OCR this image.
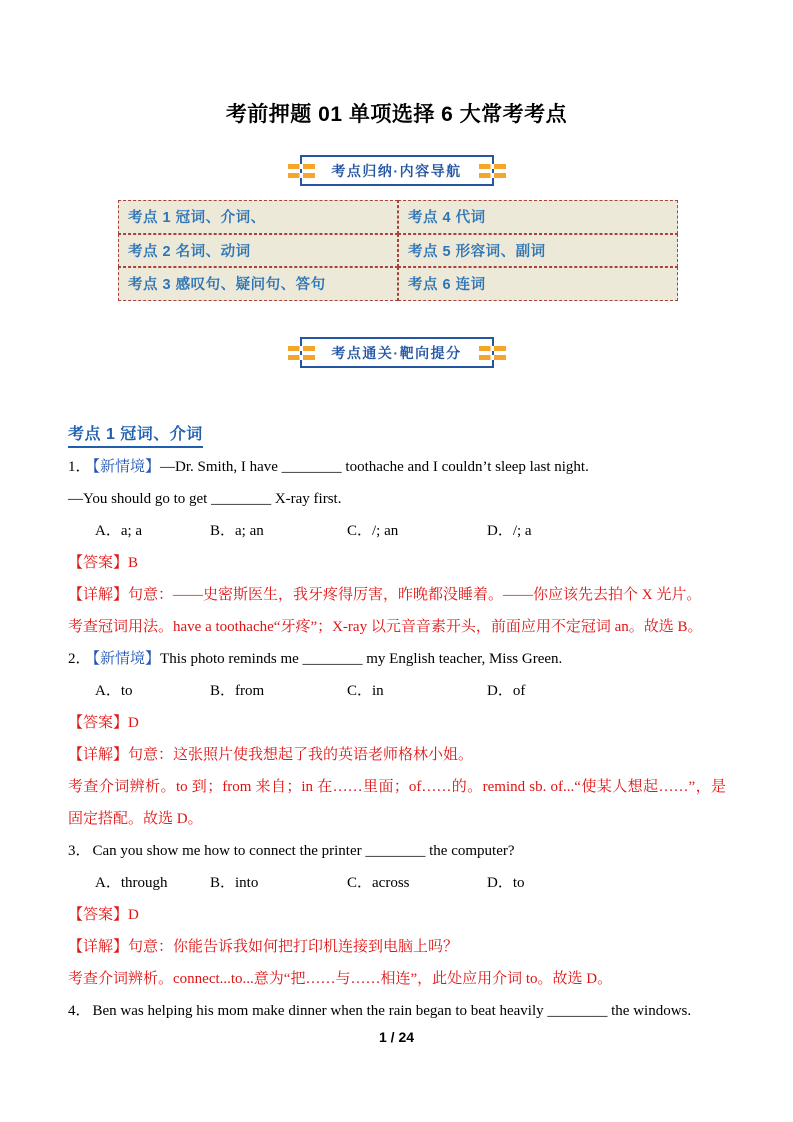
考前押题 01 单项选择 6 大常考考点
考点归纳·内容导航
考点 1 冠词、介词、	考点 4 代词
考点 2 名词、动词	考点 5 形容词、副词
考点 3 感叹句、疑问句、答句	考点 6 连词
考点通关·靶向提分

考点 1 冠词、介词

1． 【新情境】—Dr. Smith, I have ________ toothache and I couldn’t sleep last night.

—You should go to get ________ X-ray first.

A．a; a	B．a; an	C．/; an	D．/; a

【答案】B

【详解】句意：——史密斯医生，我牙疼得厉害，昨晚都没睡着。——你应该先去拍个 X 光片。

考查冠词用法。have a toothache“牙疼”；X-ray 以元音音素开头，前面应用不定冠词 an。故选 B。

2． 【新情境】This photo reminds me ________ my English teacher, Miss Green.

A．to	B．from	C．in	D．of

【答案】D

【详解】句意：这张照片使我想起了我的英语老师格林小姐。

考查介词辨析。to 到；from 来自；in 在……里面；of……的。remind sb. of...“使某人想起……”，是固定搭配。故选 D。

3． Can you show me how to connect the printer ________ the computer?

A．through	B．into	C．across	D．to

【答案】D

【详解】句意：你能告诉我如何把打印机连接到电脑上吗？

考查介词辨析。connect...to...意为“把……与……相连”，此处应用介词 to。故选 D。

4． Ben was helping his mom make dinner when the rain began to beat heavily ________ the windows.

1 / 24
